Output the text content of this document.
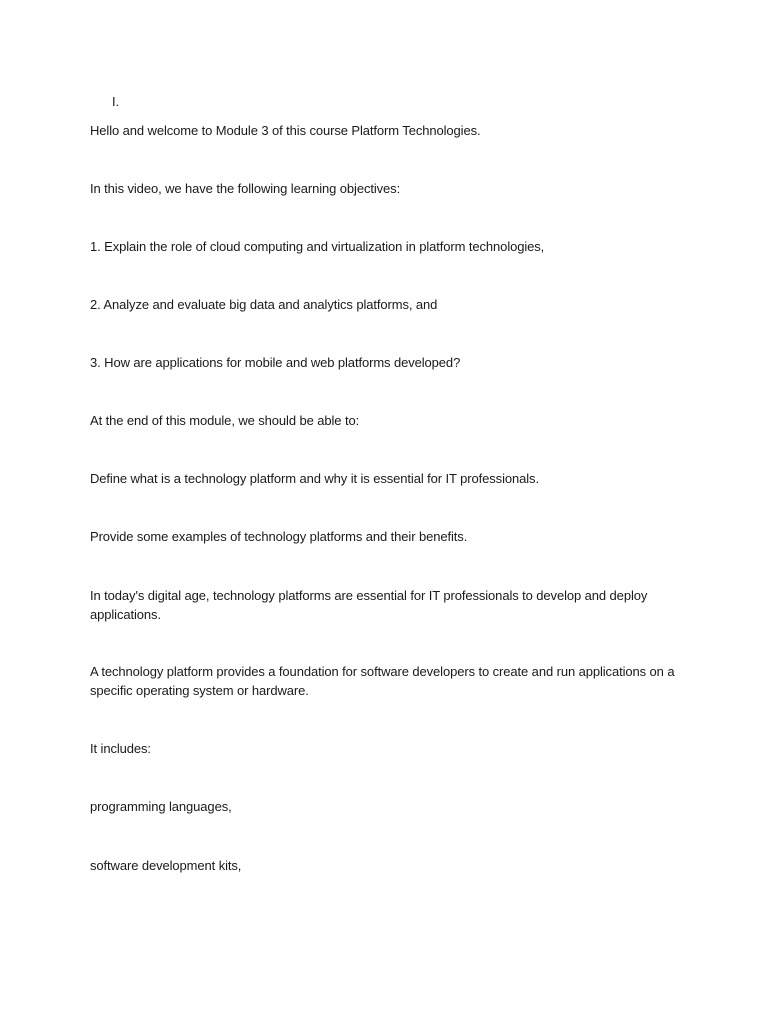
I.

Hello and welcome to Module 3 of this course Platform Technologies.

In this video, we have the following learning objectives:

1. Explain the role of cloud computing and virtualization in platform technologies,

2. Analyze and evaluate big data and analytics platforms, and

3. How are applications for mobile and web platforms developed?

At the end of this module, we should be able to:

Define what is a technology platform and why it is essential for IT professionals.

Provide some examples of technology platforms and their benefits.

In today's digital age, technology platforms are essential for IT professionals to develop and deploy applications.

A technology platform provides a foundation for software developers to create and run applications on a specific operating system or hardware.

It includes:

programming languages,

software development kits,
